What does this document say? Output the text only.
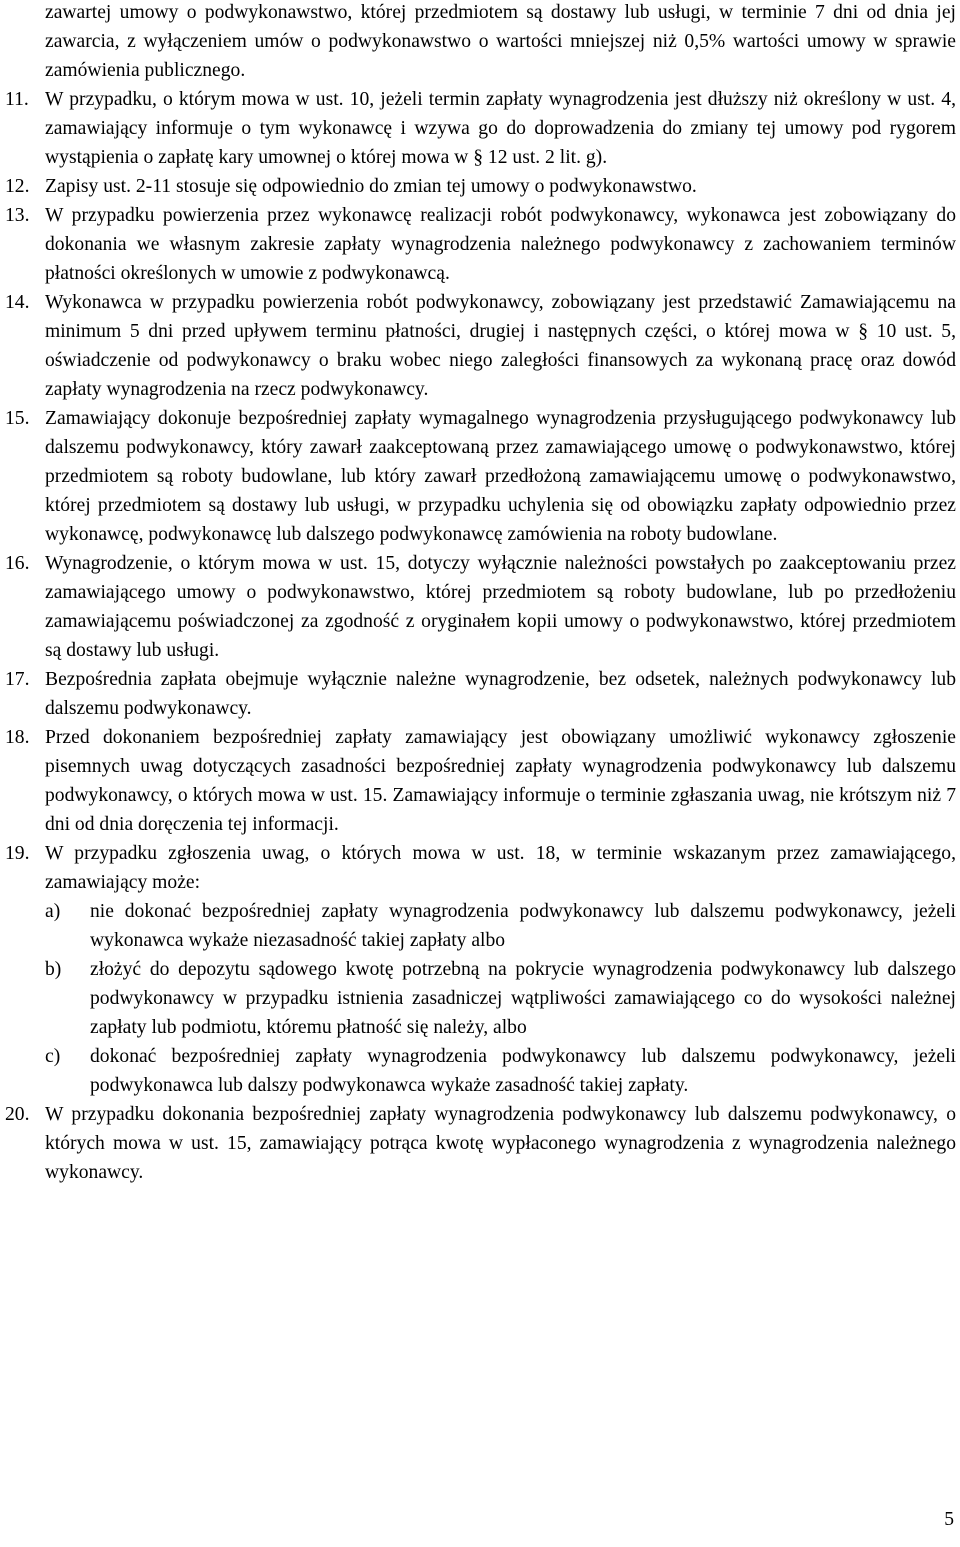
zawartej umowy o podwykonawstwo, której przedmiotem są dostawy lub usługi, w terminie 7 dni od dnia jej zawarcia, z wyłączeniem umów o podwykonawstwo o wartości mniejszej niż 0,5% wartości umowy w sprawie zamówienia publicznego.

11. W przypadku, o którym mowa w ust. 10, jeżeli termin zapłaty wynagrodzenia jest dłuższy niż określony w ust. 4, zamawiający informuje o tym wykonawcę i wzywa go do doprowadzenia do zmiany tej umowy pod rygorem wystąpienia o zapłatę kary umownej o której mowa w § 12 ust. 2 lit. g).
12. Zapisy ust. 2-11 stosuje się odpowiednio do zmian tej umowy o podwykonawstwo.
13. W przypadku powierzenia przez wykonawcę realizacji robót podwykonawcy, wykonawca jest zobowiązany do dokonania we własnym zakresie zapłaty wynagrodzenia należnego podwykonawcy z zachowaniem terminów płatności określonych w umowie z podwykonawcą.
14. Wykonawca w przypadku powierzenia robót podwykonawcy, zobowiązany jest przedstawić Zamawiającemu na minimum 5 dni przed upływem terminu płatności, drugiej i następnych części, o której mowa w § 10 ust. 5, oświadczenie od podwykonawcy o braku wobec niego zaległości finansowych za wykonaną pracę oraz dowód zapłaty wynagrodzenia na rzecz podwykonawcy.
15. Zamawiający dokonuje bezpośredniej zapłaty wymagalnego wynagrodzenia przysługującego podwykonawcy lub dalszemu podwykonawcy, który zawarł zaakceptowaną przez zamawiającego umowę o podwykonawstwo, której przedmiotem są roboty budowlane, lub który zawarł przedłożoną zamawiającemu umowę o podwykonawstwo, której przedmiotem są dostawy lub usługi, w przypadku uchylenia się od obowiązku zapłaty odpowiednio przez wykonawcę, podwykonawcę lub dalszego podwykonawcę zamówienia na roboty budowlane.
16. Wynagrodzenie, o którym mowa w ust. 15, dotyczy wyłącznie należności powstałych po zaakceptowaniu przez zamawiającego umowy o podwykonawstwo, której przedmiotem są roboty budowlane, lub po przedłożeniu zamawiającemu poświadczonej za zgodność z oryginałem kopii umowy o podwykonawstwo, której przedmiotem są dostawy lub usługi.
17. Bezpośrednia zapłata obejmuje wyłącznie należne wynagrodzenie, bez odsetek, należnych podwykonawcy lub dalszemu podwykonawcy.
18. Przed dokonaniem bezpośredniej zapłaty zamawiający jest obowiązany umożliwić wykonawcy zgłoszenie pisemnych uwag dotyczących zasadności bezpośredniej zapłaty wynagrodzenia podwykonawcy lub dalszemu podwykonawcy, o których mowa w ust. 15. Zamawiający informuje o terminie zgłaszania uwag, nie krótszym niż 7 dni od dnia doręczenia tej informacji.
19. W przypadku zgłoszenia uwag, o których mowa w ust. 18, w terminie wskazanym przez zamawiającego, zamawiający może:
a)	nie dokonać bezpośredniej zapłaty wynagrodzenia podwykonawcy lub dalszemu podwykonawcy, jeżeli wykonawca wykaże niezasadność takiej zapłaty albo
b)	złożyć do depozytu sądowego kwotę potrzebną na pokrycie wynagrodzenia podwykonawcy lub dalszego podwykonawcy w przypadku istnienia zasadniczej wątpliwości zamawiającego co do wysokości należnej zapłaty lub podmiotu, któremu płatność się należy, albo
c)	dokonać bezpośredniej zapłaty wynagrodzenia podwykonawcy lub dalszemu podwykonawcy, jeżeli podwykonawca lub dalszy podwykonawca wykaże zasadność takiej zapłaty.
20. W przypadku dokonania bezpośredniej zapłaty wynagrodzenia podwykonawcy lub dalszemu podwykonawcy, o których mowa w ust. 15, zamawiający potrąca kwotę wypłaconego wynagrodzenia z wynagrodzenia należnego wykonawcy.
5
